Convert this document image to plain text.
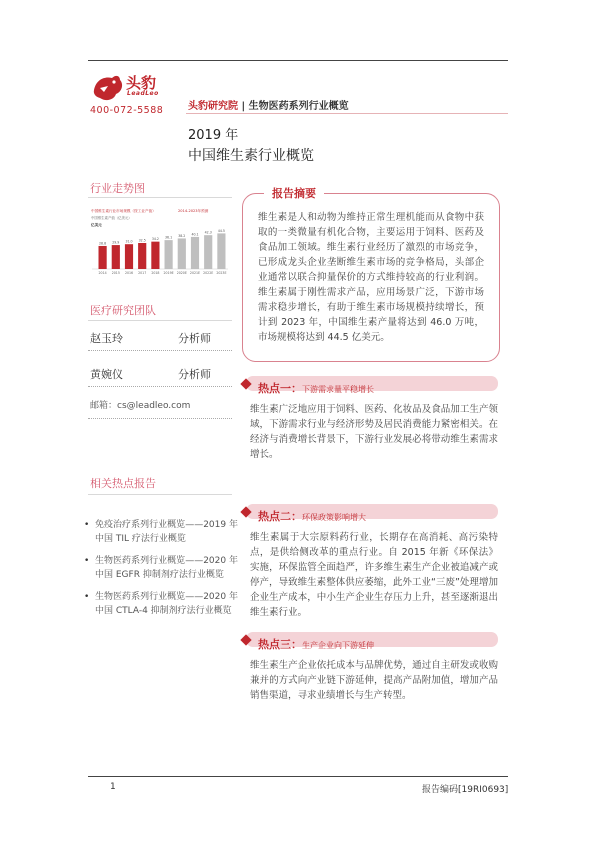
头豹
LeadLeo
400-072-5588 头豹研究院 | 生物医药系列行业概览
2019 年
中国维生素行业概览
行业走势图
中国维生素行业市场规模（按工业产值）	2014-2023年预测
中国维生素产值（亿美元）
亿美元
28.8
2014
29.9
2015
31.0
2016
32.5
2017
34.2
2018
36.1
2019E
38.2
2020E
40.1
2021E
42.3
2022E
44.5
2023E
医疗研究团队
赵玉玲	分析师
黄婉仪	分析师
邮箱：cs@leadleo.com
相关热点报告
• 免疫治疗系列行业概览——2019 年中国 TIL 疗法行业概览
• 生物医药系列行业概览——2020 年中国 EGFR 抑制剂疗法行业概览
• 生物医药系列行业概览——2020 年中国 CTLA-4 抑制剂疗法行业概览
报告摘要
维生素是人和动物为维持正常生理机能而从食物中获取的一类微量有机化合物，主要运用于饲料、医药及食品加工领域。维生素行业经历了激烈的市场竞争，已形成龙头企业垄断维生素市场的竞争格局，头部企业通常以联合抑量保价的方式维持较高的行业利润。维生素属于刚性需求产品，应用场景广泛，下游市场需求稳步增长，有助于维生素市场规模持续增长，预计到 2023 年，中国维生素产量将达到 46.0 万吨，市场规模将达到 44.5 亿美元。
热点一：下游需求量平稳增长
维生素广泛地应用于饲料、医药、化妆品及食品加工生产领域，下游需求行业与经济形势及居民消费能力紧密相关。在经济与消费增长背景下，下游行业发展必将带动维生素需求增长。
热点二：环保政策影响增大
维生素属于大宗原料药行业，长期存在高消耗、高污染特点，是供给侧改革的重点行业。自 2015 年新《环保法》实施，环保监管全面趋严，许多维生素生产企业被追减产或停产，导致维生素整体供应萎缩，此外工业“三废”处理增加企业生产成本，中小生产企业生存压力上升，甚至逐渐退出维生素行业。
热点三：生产企业向下游延伸
维生素生产企业依托成本与品牌优势，通过自主研发或收购兼并的方式向产业链下游延伸，提高产品附加值，增加产品销售渠道，寻求业绩增长与生产转型。
1	报告编码[19RI0693]
